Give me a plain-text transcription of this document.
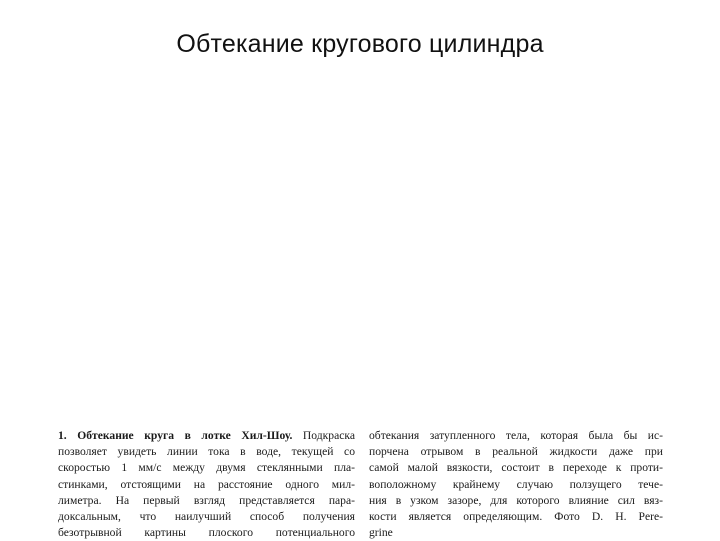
Обтекание кругового цилиндра
1. Обтекание круга в лотке Хил-Шоу. Подкраска
позволяет увидеть линии тока в воде, текущей со
скоростью 1 мм/с между двумя стеклянными пла-
стинками, отстоящими на расстояние одного мил-
лиметра. На первый взгляд представляется пара-
доксальным, что наилучший способ получения
безотрывной картины плоского потенциального
обтекания затупленного тела, которая была бы ис-
порчена отрывом в реальной жидкости даже при
самой малой вязкости, состоит в переходе к проти-
воположному крайнему случаю ползущего тече-
ния в узком зазоре, для которого влияние сил вяз-
кости является определяющим. Фото D. H. Pere-
grine
